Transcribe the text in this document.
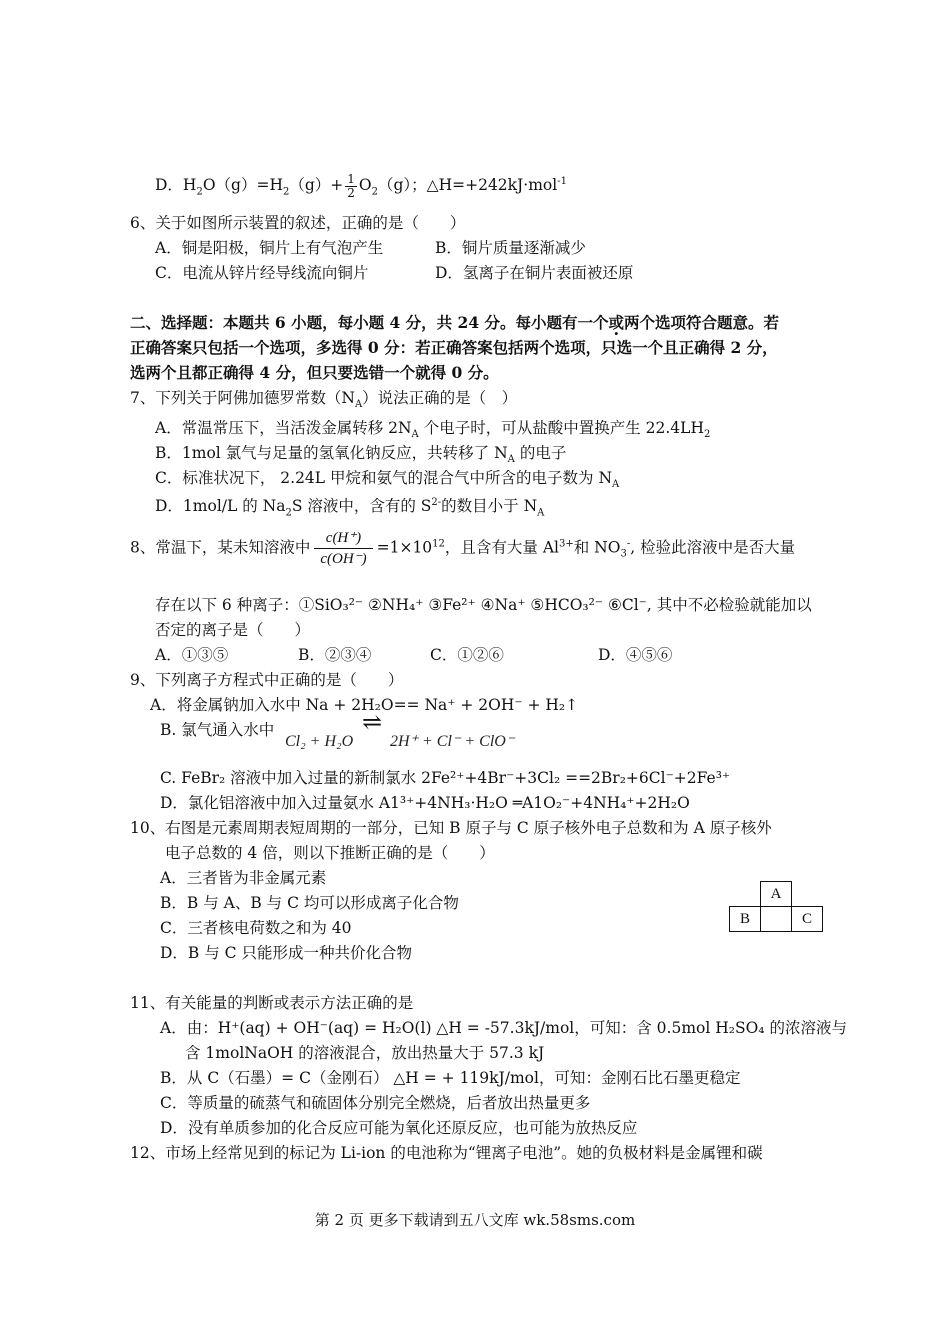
D．$H_2O(g)=H_2(g)+ \frac{1}{2} O_2(g)$；△H=+242kJ·mol$^{-1}$
6、关于如图所示装置的叙述，正确的是（　　）
A．铜是阳极，铜片上有气泡产生	B．铜片质量逐渐减少
C．电流从锌片经导线流向铜片	D．氢离子在铜片表面被还原
二、选择题：本题共 6 小题，每小题 4 分，共 24 分。每小题有一个或两个 ·选项符合题意。若
正确答案只包括一个选项，多选得 0 分：若正确答案包括两个选项，只选一个且正确得 2 分，
选两个且都正确得 4 分，但只要选错一个就得 0 分。
7、下列关于阿佛加德罗常数$(N_A)$说法正确的是（　）
A．常温常压下，当活泼金属转移 $2N_A$ 个电子时，可从盐酸中置换产生 $22.4LH_2$
B．1mol 氯气与足量的氢氧化钠反应，共转移了 $N_A$ 的电子
C．标准状况下， 2.24L 甲烷和氨气的混合气中所含的电子数为 $N_A$
D．1mol/L 的 $Na_2S$ 溶液中，含有的 $S^{2-}$的数目小于 $N_A$
8、常温下，某未知溶液中 $\frac{c(H^+)}{c(OH^-)} =1\times 10^{12}$，且含有大量 $Al^{3+}$和 $NO_3^-$, 检验此溶液中是否大量
存在以下 6 种离子：①SiO₃²⁻ ②NH₄⁺ ③Fe²⁺ ④Na⁺ ⑤HCO₃²⁻ ⑥Cl⁻, 其中不必检验就能加以
否定的离子是（　　）
A．①③⑤	B．②③④	C．①②⑥	D．④⑤⑥
9、下列离子方程式中正确的是（　　）
A．将金属钠加入水中 Na + 2H₂O== Na⁺ + 2OH⁻ + H₂↑
B. 氯气通入水中
Cl₂ + H₂O
⇌
2H⁺ + Cl⁻ + ClO⁻
C. FeBr₂ 溶液中加入过量的新制氯水 2Fe²⁺+4Br⁻+3Cl₂ ==2Br₂+6Cl⁻+2Fe³⁺
D．氯化铝溶液中加入过量氨水 A1³⁺+4NH₃·H₂O ═A1O₂⁻+4NH₄⁺+2H₂O
10、右图是元素周期表短周期的一部分，已知 B 原子与 C 原子核外电子总数和为 A 原子核外
电子总数的 4 倍，则以下推断正确的是（　　）
A．三者皆为非金属元素
B．B 与 A、B 与 C 均可以形成离子化合物
C．三者核电荷数之和为 40
D．B 与 C 只能形成一种共价化合物
	A	
B		C
11、有关能量的判断或表示方法正确的是
A．由：H⁺(aq) + OH⁻(aq) = H₂O(l) △H = -57.3kJ/mol，可知：含 0.5mol H₂SO₄ 的浓溶液与
含 1molNaOH 的溶液混合，放出热量大于 57.3 kJ
B．从 C（石墨）= C（金刚石） △H = + 119kJ/mol，可知：金刚石比石墨更稳定
C．等质量的硫蒸气和硫固体分别完全燃烧，后者放出热量更多
D．没有单质参加的化合反应可能为氧化还原反应，也可能为放热反应
12、市场上经常见到的标记为 Li-ion 的电池称为“锂离子电池”。她的负极材料是金属锂和碳
第 2 页 更多下载请到五八文库 wk.58sms.com
